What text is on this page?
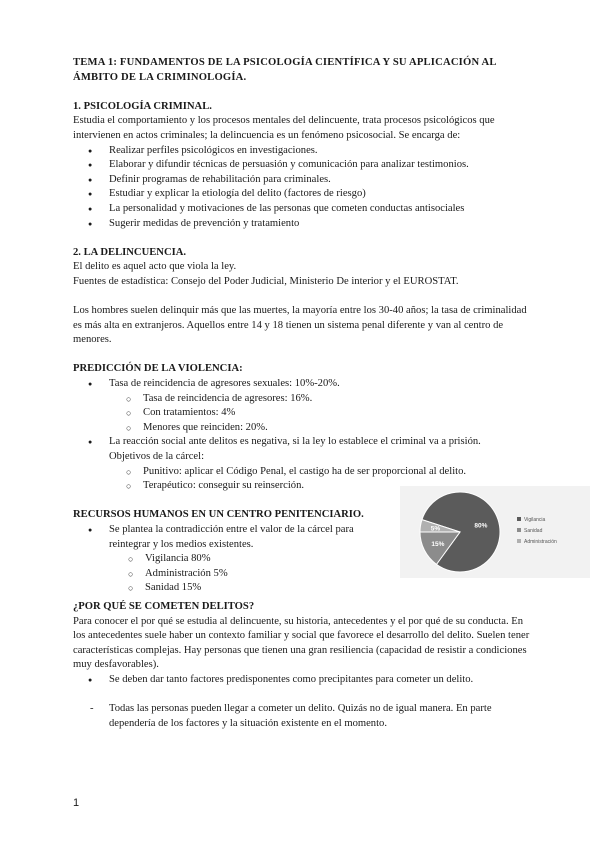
TEMA 1: FUNDAMENTOS DE LA PSICOLOGÍA CIENTÍFICA Y SU APLICACIÓN AL ÁMBITO DE LA CRIMINOLOGÍA.

1. PSICOLOGÍA CRIMINAL.

Estudia el comportamiento y los procesos mentales del delincuente, trata procesos psicológicos que intervienen en actos criminales; la delincuencia es un fenómeno psicosocial. Se encarga de:

● Realizar perfiles psicológicos en investigaciones.
● Elaborar y difundir técnicas de persuasión y comunicación para analizar testimonios.
● Definir programas de rehabilitación para criminales.
● Estudiar y explicar la etiología del delito (factores de riesgo)
● La personalidad y motivaciones de las personas que cometen conductas antisociales
● Sugerir medidas de prevención y tratamiento

2. LA DELINCUENCIA.

El delito es aquel acto que viola la ley.

Fuentes de estadística: Consejo del Poder Judicial, Ministerio De interior y el EUROSTAT.

Los hombres suelen delinquir más que las muertes, la mayoría entre los 30-40 años; la tasa de criminalidad es más alta en extranjeros. Aquellos entre 14 y 18 tienen un sistema penal diferente y van al centro de menores.

PREDICCIÓN DE LA VIOLENCIA:

● Tasa de reincidencia de agresores sexuales: 10%-20%.
○ Tasa de reincidencia de agresores: 16%.
○ Con tratamientos: 4%
○ Menores que reinciden: 20%.
● La reacción social ante delitos es negativa, si la ley lo establece el criminal va a prisión.

Objetivos de la cárcel:

○ Punitivo: aplicar el Código Penal, el castigo ha de ser proporcional al delito.
○ Terapéutico: conseguir su reinserción.

RECURSOS HUMANOS EN UN CENTRO PENITENCIARIO.

● Se plantea la contradicción entre el valor de la cárcel para
reintegrar y los medios existentes.
○ Vigilancia 80%
○ Administración 5%
○ Sanidad 15%

¿POR QUÉ SE COMETEN DELITOS?

Para conocer el por qué se estudia al delincuente, su historia, antecedentes y el por qué de su conducta. En los antecedentes suele haber un contexto familiar y social que favorece el desarrollo del delito. Suelen tener características complejas. Hay personas que tienen una gran resiliencia (capacidad de resistir a condiciones muy desfavorables).

● Se deben dar tanto factores predisponentes como precipitantes para cometer un delito.
- Todas las personas pueden llegar a cometer un delito. Quizás no de igual manera. En parte dependería de los factores y la situación existente en el momento.
80%
15%
5%
Vigilancia
Sanidad
Administración
1
